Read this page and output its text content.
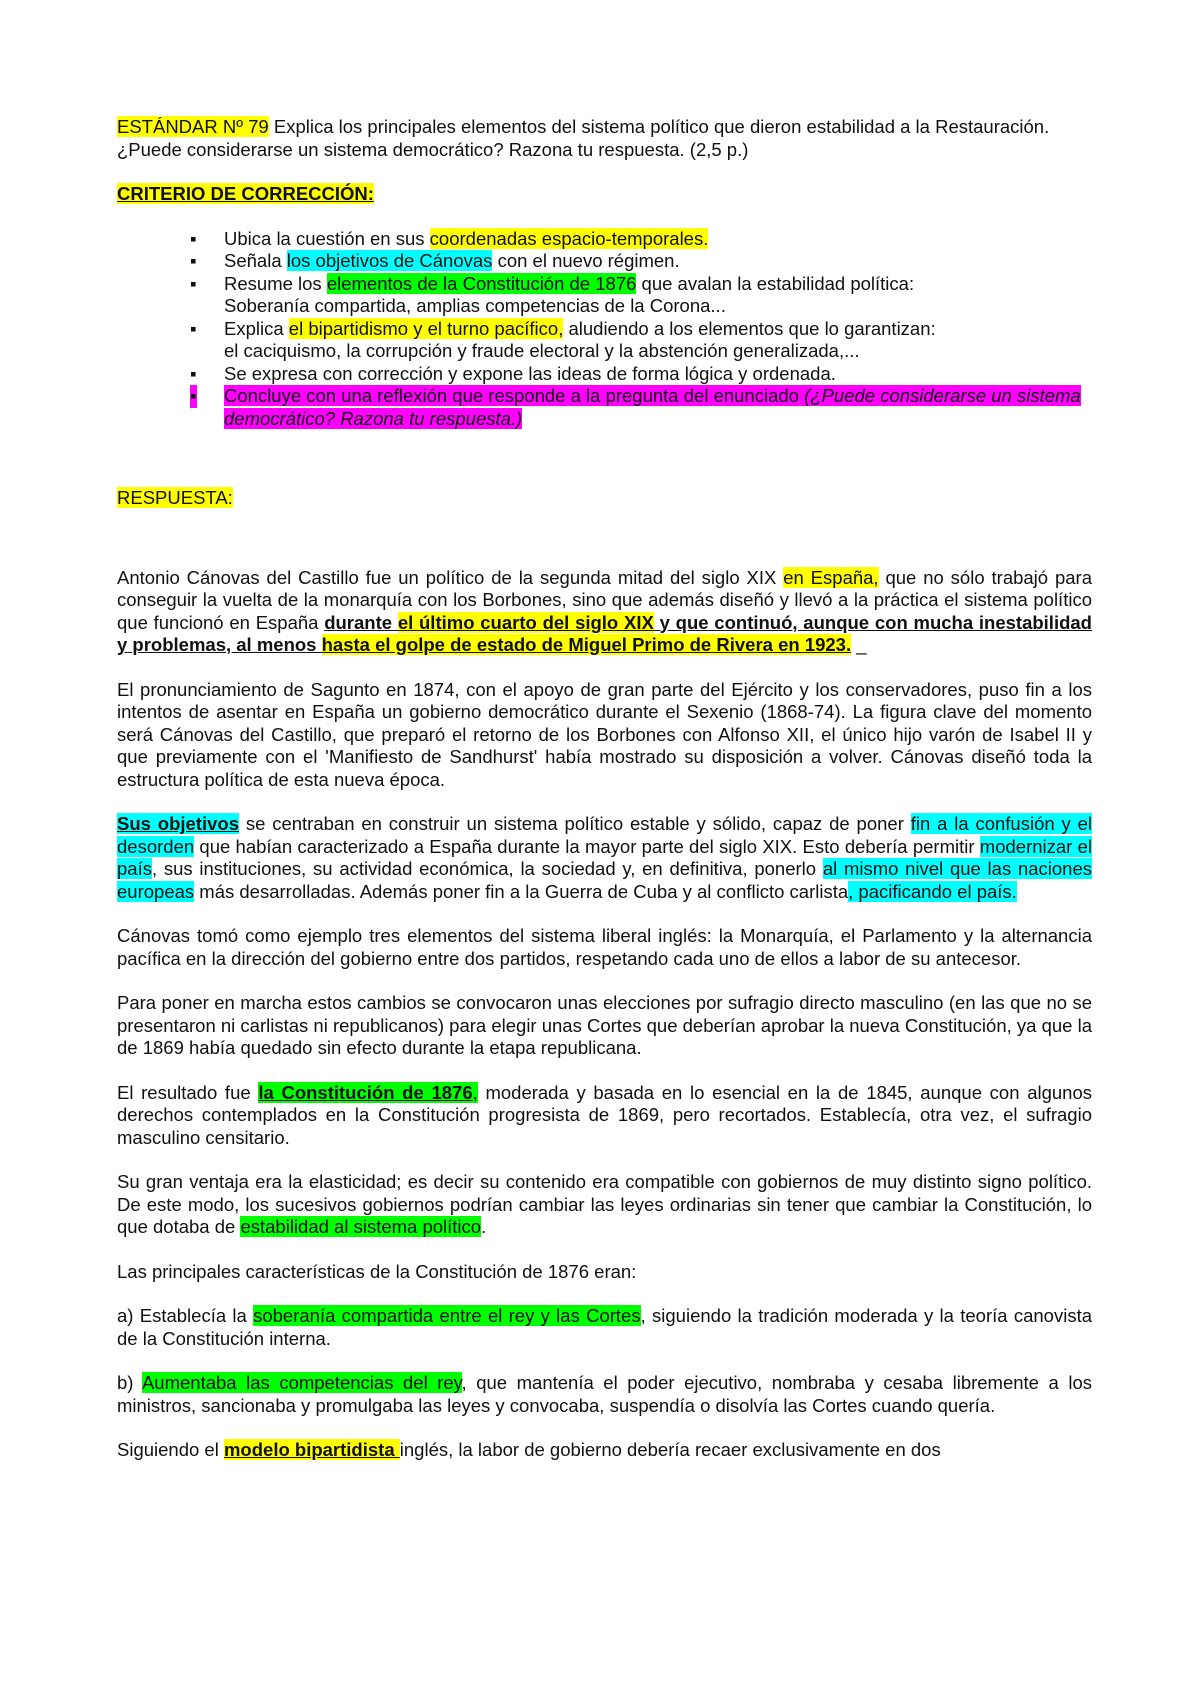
ESTÁNDAR Nº 79 Explica los principales elementos del sistema político que dieron estabilidad a la Restauración. ¿Puede considerarse un sistema democrático? Razona tu respuesta. (2,5 p.)

CRITERIO DE CORRECCIÓN:

▪ Ubica la cuestión en sus coordenadas espacio-temporales.
▪ Señala los objetivos de Cánovas con el nuevo régimen.
▪ Resume los elementos de la Constitución de 1876 que avalan la estabilidad política:
Soberanía compartida, amplias competencias de la Corona...
▪ Explica el bipartidismo y el turno pacífico, aludiendo a los elementos que lo garantizan:
el caciquismo, la corrupción y fraude electoral y la abstención generalizada,...
▪ Se expresa con corrección y expone las ideas de forma lógica y ordenada.
▪ Concluye con una reflexión que responde a la pregunta del enunciado (¿Puede considerarse un sistema democrático? Razona tu respuesta.)

RESPUESTA:

Antonio Cánovas del Castillo fue un político de la segunda mitad del siglo XIX en España, que no sólo trabajó para conseguir la vuelta de la monarquía con los Borbones, sino que además diseñó y llevó a la práctica el sistema político que funcionó en España durante el último cuarto del siglo XIX y que continuó, aunque con mucha inestabilidad y problemas, al menos hasta el golpe de estado de Miguel Primo de Rivera en 1923. _

El pronunciamiento de Sagunto en 1874, con el apoyo de gran parte del Ejército y los conservadores, puso fin a los intentos de asentar en España un gobierno democrático durante el Sexenio (1868-74). La figura clave del momento será Cánovas del Castillo, que preparó el retorno de los Borbones con Alfonso XII, el único hijo varón de Isabel II y que previamente con el 'Manifiesto de Sandhurst' había mostrado su disposición a volver. Cánovas diseñó toda la estructura política de esta nueva época.

Sus objetivos se centraban en construir un sistema político estable y sólido, capaz de poner fin a la confusión y el desorden que habían caracterizado a España durante la mayor parte del siglo XIX. Esto debería permitir modernizar el país, sus instituciones, su actividad económica, la sociedad y, en definitiva, ponerlo al mismo nivel que las naciones europeas más desarrolladas. Además poner fin a la Guerra de Cuba y al conflicto carlista, pacificando el país.

Cánovas tomó como ejemplo tres elementos del sistema liberal inglés: la Monarquía, el Parlamento y la alternancia pacífica en la dirección del gobierno entre dos partidos, respetando cada uno de ellos a labor de su antecesor.

Para poner en marcha estos cambios se convocaron unas elecciones por sufragio directo masculino (en las que no se presentaron ni carlistas ni republicanos) para elegir unas Cortes que deberían aprobar la nueva Constitución, ya que la de 1869 había quedado sin efecto durante la etapa republicana.

El resultado fue la Constitución de 1876, moderada y basada en lo esencial en la de 1845, aunque con algunos derechos contemplados en la Constitución progresista de 1869, pero recortados. Establecía, otra vez, el sufragio masculino censitario.

Su gran ventaja era la elasticidad; es decir su contenido era compatible con gobiernos de muy distinto signo político. De este modo, los sucesivos gobiernos podrían cambiar las leyes ordinarias sin tener que cambiar la Constitución, lo que dotaba de estabilidad al sistema político.

Las principales características de la Constitución de 1876 eran:

a) Establecía la soberanía compartida entre el rey y las Cortes, siguiendo la tradición moderada y la teoría canovista de la Constitución interna.

b) Aumentaba las competencias del rey, que mantenía el poder ejecutivo, nombraba y cesaba libremente a los ministros, sancionaba y promulgaba las leyes y convocaba, suspendía o disolvía las Cortes cuando quería.

Siguiendo el modelo bipartidista inglés, la labor de gobierno debería recaer exclusivamente en dos
